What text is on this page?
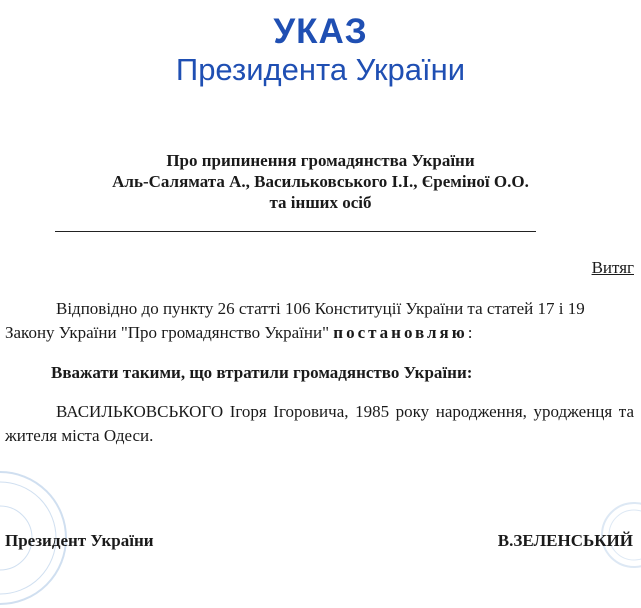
УКАЗ
Президента України
Про припинення громадянства України
Аль-Салямата А., Васильковського І.І., Єреміної О.О.
та інших осіб
Витяг
Відповідно до пункту 26 статті 106 Конституції України та статей 17 і 19 Закону України "Про громадянство України" постановляю:
Вважати такими, що втратили громадянство України:
ВАСИЛЬКОВСЬКОГО Ігоря Ігоровича, 1985 року народження, уродженця та жителя міста Одеси.
Президент України	В.ЗЕЛЕНСЬКИЙ
